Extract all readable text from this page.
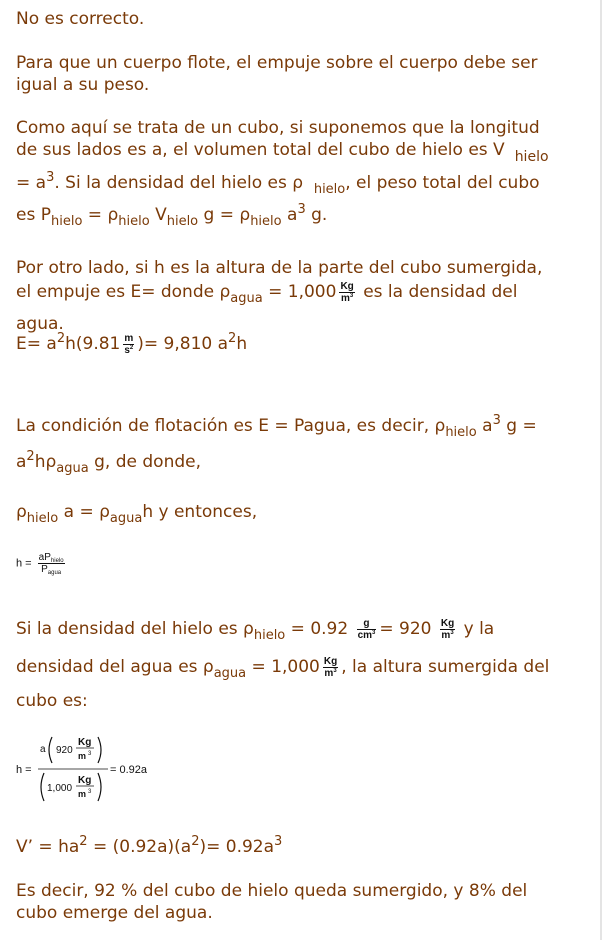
No es correcto.
Para que un cuerpo flote, el empuje sobre el cuerpo debe ser
igual a su peso.
Como aquí se trata de un cubo, si suponemos que la longitud
de sus lados es a, el volumen total del cubo de hielo es V $_{hielo}$
= $a^3$. Si la densidad del hielo es ρ  $_{hielo}$, el peso total del cubo
es $P_{hielo} = \rho_{hielo}$ $V_{hielo}$ $g = \rho_{hielo}$ $a^3$ g.
Por otro lado, si h es la altura de la parte del cubo sumergida,
el empuje es E= donde $\rho_{agua} = 1,000 \frac{Kg}{m^3}$ es la densidad del
agua.
$E= a^2h(9.81 \frac{m}{s^2}$ )= 9,810 $a^2h$
La condición de flotación es E = Pagua, es decir, $\rho_{hielo}$ $a^3$ g =
$a^2h\rho_{agua}$ g, de donde,
$\rho_{hielo}$ $a = \rho_{agua}h$ y entonces,
$h = \frac{aP_{hielo}}{P_{agua}}$
Si la densidad del hielo es $\rho_{hielo} = 0.92 \frac{g}{cm^3} = 920 \frac{Kg}{m^3}$ y la
densidad del agua es $\rho_{agua} = 1,000 \frac{Kg}{m^3}$ , la altura sumergida del
cubo es:
h =
a 920
Kg
m 3
1,000
Kg
m 3
= 0.92a
V’ = $ha^2 = (0.92a)(a^2)= 0.92a^3$
Es decir, 92 % del cubo de hielo queda sumergido, y 8% del
cubo emerge del agua.
